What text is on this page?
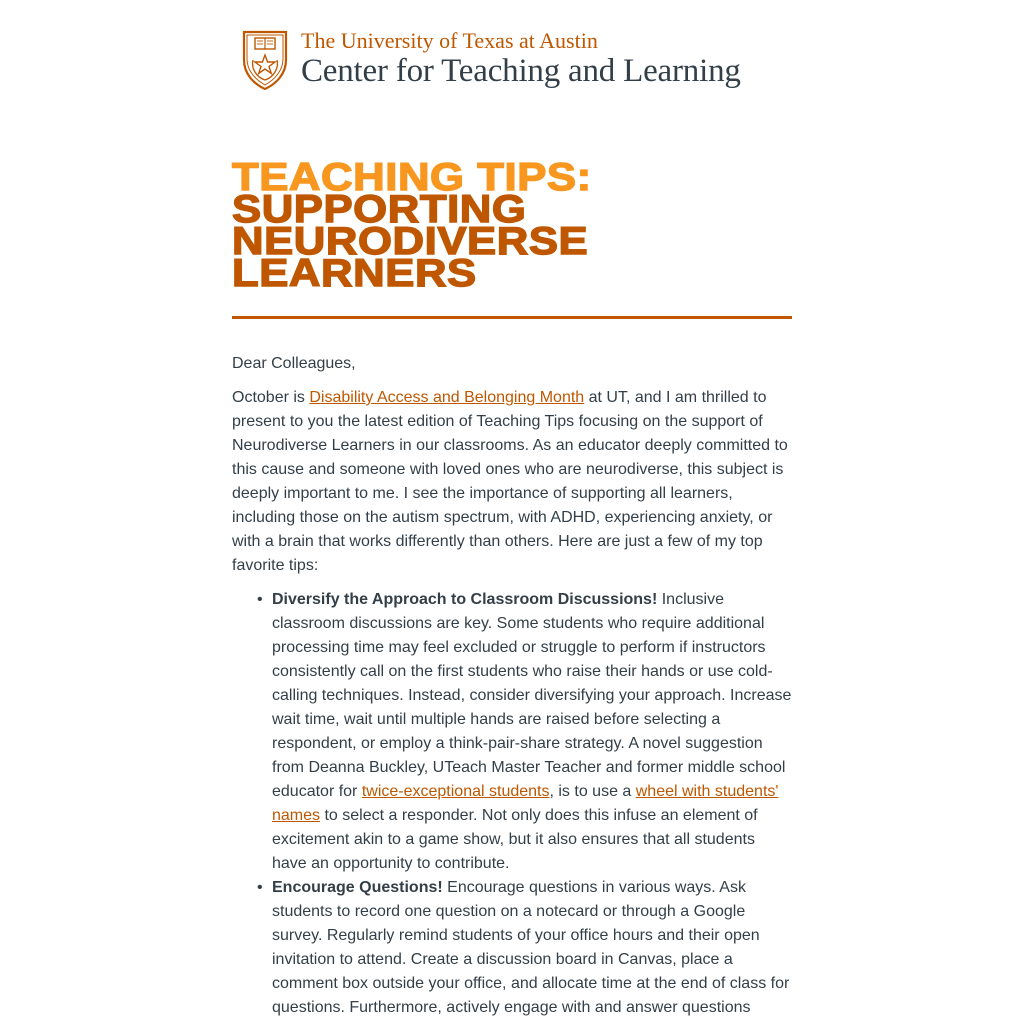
The University of Texas at Austin
Center for Teaching and Learning
TEACHING TIPS:
SUPPORTING
NEURODIVERSE
LEARNERS

Dear Colleagues,

October is Disability Access and Belonging Month at UT, and I am thrilled to present to you the latest edition of Teaching Tips focusing on the support of Neurodiverse Learners in our classrooms. As an educator deeply committed to this cause and someone with loved ones who are neurodiverse, this subject is deeply important to me. I see the importance of supporting all learners, including those on the autism spectrum, with ADHD, experiencing anxiety, or with a brain that works differently than others. Here are just a few of my top favorite tips:

• Diversify the Approach to Classroom Discussions! Inclusive classroom discussions are key. Some students who require additional processing time may feel excluded or struggle to perform if instructors consistently call on the first students who raise their hands or use cold-calling techniques. Instead, consider diversifying your approach. Increase wait time, wait until multiple hands are raised before selecting a respondent, or employ a think-pair-share strategy. A novel suggestion from Deanna Buckley, UTeach Master Teacher and former middle school educator for twice-exceptional students, is to use a wheel with students' names to select a responder. Not only does this infuse an element of excitement akin to a game show, but it also ensures that all students have an opportunity to contribute.
• Encourage Questions! Encourage questions in various ways. Ask students to record one question on a notecard or through a Google survey. Regularly remind students of your office hours and their open invitation to attend. Create a discussion board in Canvas, place a comment box outside your office, and allocate time at the end of class for questions. Furthermore, actively engage with and answer questions
